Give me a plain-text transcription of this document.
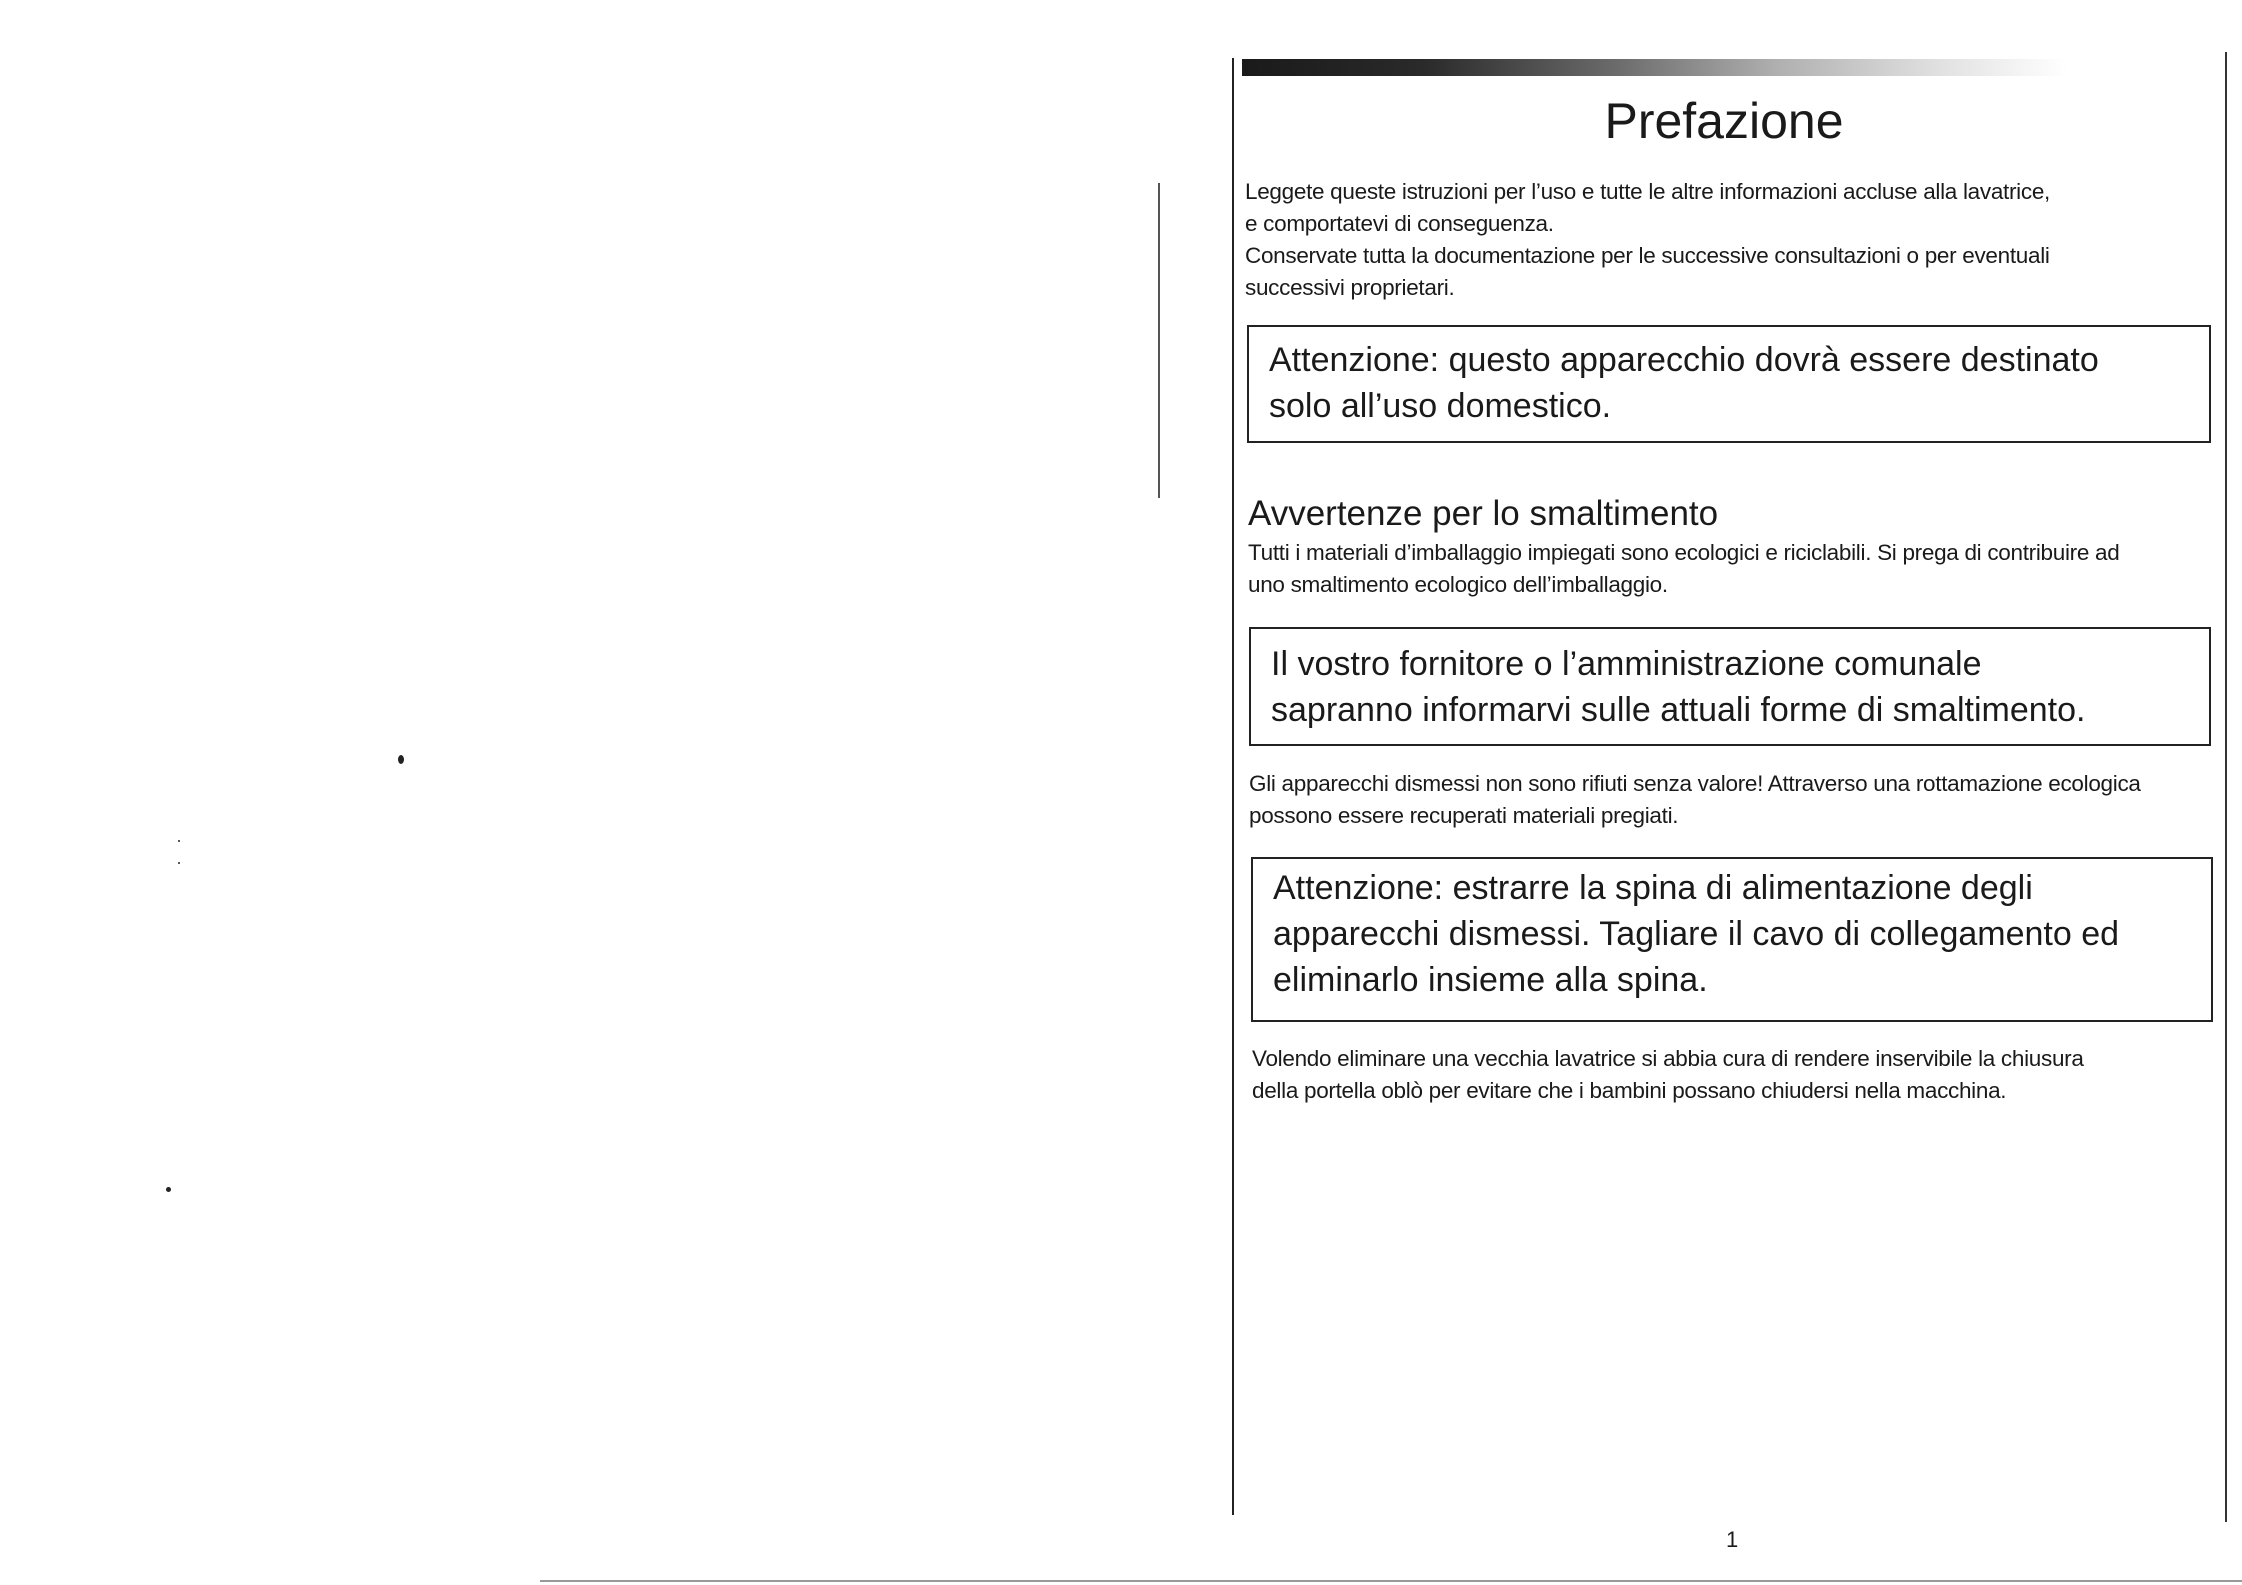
Prefazione
Leggete queste istruzioni per l’uso e tutte le altre informazioni accluse alla lavatrice,
e comportatevi di conseguenza.
Conservate tutta la documentazione per le successive consultazioni o per eventuali
successivi proprietari.
Attenzione: questo apparecchio dovrà essere destinato
solo all’uso domestico.
Avvertenze per lo smaltimento
Tutti i materiali d’imballaggio impiegati sono ecologici e riciclabili. Si prega di contribuire ad
uno smaltimento ecologico dell’imballaggio.
Il vostro fornitore o l’amministrazione comunale
sapranno informarvi sulle attuali forme di smaltimento.
Gli apparecchi dismessi non sono rifiuti senza valore! Attraverso una rottamazione ecologica
possono essere recuperati materiali pregiati.
Attenzione: estrarre la spina di alimentazione degli
apparecchi dismessi. Tagliare il cavo di collegamento ed
eliminarlo insieme alla spina.
Volendo eliminare una vecchia lavatrice si abbia cura di rendere inservibile la chiusura
della portella oblò per evitare che i bambini possano chiudersi nella macchina.
1
